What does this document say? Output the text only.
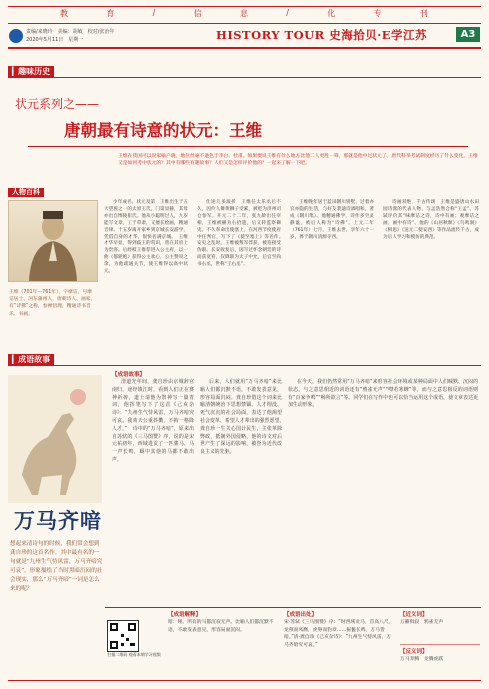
教	育	/	信	息	/	化	专	刊
责编/来晓玲　美编：胡敏　校对/张治年
2020年5月11日　星期一	HISTORY TOUR 史海拾贝·E学江苏	A3
▎趣味历史
状元系列之——
唐朝最有诗意的状元：王维
王维在我国可以说家喻户晓，地位丝毫不逊色于李白、杜甫。如果要说王维有什么地方比他二人更胜一筹，那就是他中过状元了。唐代科举考试制度经历了什么变化，王维又是如何考中状元的？其中有哪些有趣故事？人们又是怎样评价他的？一起来了解一下吧。
人物百科
王维（701年—761年），字摩诘，号摩诘居士，河东蒲州人，唐朝诗人、画家，有“诗佛”之称，参禅悟理，精通诗书音乐、书画。

少年成名，状元及第　王维出生于五大望族之一的太原王氏，门第显赫，其母亦出自博陵崔氏。他从小聪明过人，九岁能写文章，工于草隶，又擅长绘画，精通音律。十五岁离开家乡到京城长安游学，凭借自身的才华，很快名满京城。　王维才华早显，得到歧王的赏识，曾在其府上为贵客。后经岐王推荐进入公主府，以一曲《郁轮袍》获得公主欢心，公主赞叹之余，为他疏通关节，使王维得以高中状元。

仕途几多波折　王维任太乐丞后不久，因伶人舞黄狮子受累，被贬为济州司仓参军。开元二十二年，张九龄出任宰相，王维被擢为右拾遗，后又转监察御史。不久奉命出使塞上，在河西节度使府中任判官，写下了《使至塞上》等名作。　安史之乱时，王维被叛军俘获，被迫接受伪职。长安收复后，因写过怀念朝廷的诗而获宽宥，仅降职为太子中允，后官至尚书右丞，世称“王右丞”。

王维晚年居于蓝田辋川别墅，过着亦官亦隐的生活，与好友裴迪诗酒唱和，著成《辋川集》。他精通佛学，诗作多空灵静谧，被后人称为“诗佛”。上元二年（761年）七月，王维去世，享年六十一岁，葬于辋川清源寺西。

诗画双绝，千古传颂　王维是盛唐山水田园诗派的代表人物，与孟浩然合称“王孟”。苏轼评价其“味摩诘之诗，诗中有画；观摩诘之画，画中有诗”。他的《山居秋暝》《鸟鸣涧》《相思》《送元二使安西》等作品流传千古，成为后人学习和模仿的典范。

▎成语故事
万马齐喑
想起来清诗句的时候，我们常会想到龚自珍的这首名作。其中最有名的一句就是“九州生气恃风雷，万马齐喑究可哀”，形象描绘了当时黑暗沉闷的社会现实，那么“万马齐喑”一词是怎么来的呢？
扫描二维码 观看本期学习视频
【成语故事】

清道光年间，龚自珍由京城辞官南归，途经镇江时，看到人们正在赛神祈祷。道士请他为祭神写一篇青词，他挥笔写下了这首《己亥杂诗》：“九州生气恃风雷，万马齐喑究可哀。我劝天公重抖擞，不拘一格降人才。”　诗中的“万马齐喑”，原来出自苏轼的《三马图赞》序，说的是宋元祐初年，西域进贡了一匹骏马，马一声长鸣，厩中其他的马都不敢出声。

后来，人们就用“万马齐喑”来比喻人们都沉默不语，不敢发表意见，形容局面沉闷。龚自珍借这个词来比喻清朝统治下思想禁锢、人才埋没、死气沉沉的社会局面，表达了他渴望社会变革、希望人才辈出的强烈愿望。　龚自珍一生关心国计民生，主张革除弊政，抵制外国侵略，他的诗文对后世产生了深远的影响，被誉为近代改良主义的先驱。

在今天，我们仍然常用“万马齐喑”来形容社会环境或某种局面中人们缄默、沉闷的状态。与之意思相近的词语还有“鸦雀无声”“噤若寒蝉”等，而与之意思相反的词语则有“百家争鸣”“畅所欲言”等。同学们在写作中也可以恰当运用这个成语，使文章表达更加生动形象。

【成语解释】
喑：哑。所有的马都沉寂无声。比喻人们都沉默不语，不敢发表意见，形容局面沉闷。
【成语出处】
宋·苏轼《三马图赞》序：“时西域贡马，首高八尺，龙颅而凤膺，虎脊而豹章……振鬣长鸣，万马皆喑。”清·龚自珍《己亥杂诗》：“九州生气恃风雷，万马齐喑究可哀。”
【近义词】
万籁俱寂　鸦雀无声
【反义词】
万马奔腾　龙腾虎跃
